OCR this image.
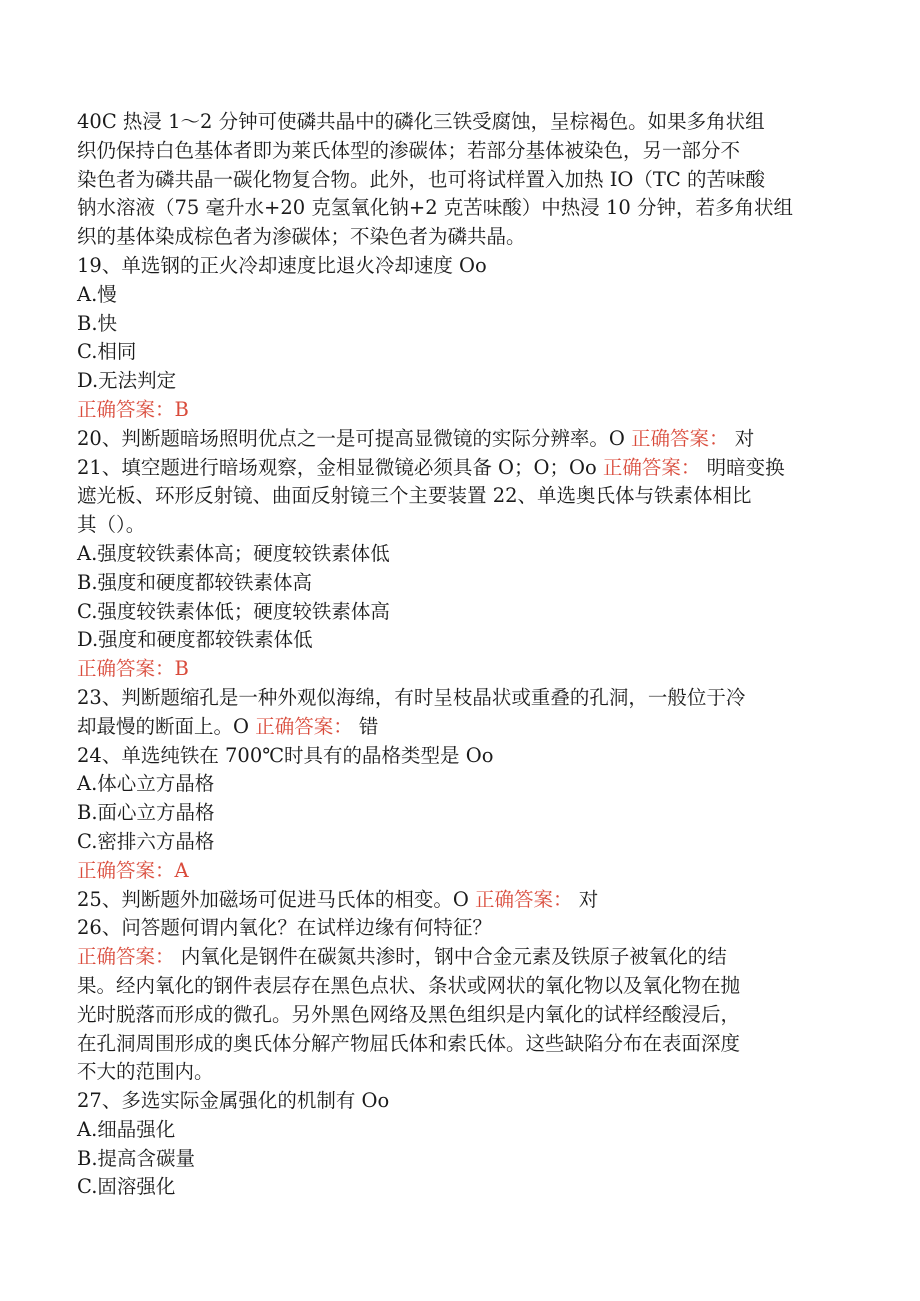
40C 热浸 1～2 分钟可使磷共晶中的磷化三铁受腐蚀，呈棕褐色。如果多角状组
织仍保持白色基体者即为莱氏体型的渗碳体；若部分基体被染色，另一部分不
染色者为磷共晶一碳化物复合物。此外，也可将试样置入加热 IO（TC 的苦味酸
钠水溶液（75 毫升水+20 克氢氧化钠+2 克苦味酸）中热浸 10 分钟，若多角状组
织的基体染成棕色者为渗碳体；不染色者为磷共晶。
19、单选钢的正火冷却速度比退火冷却速度 Oo
A.慢
B.快
C.相同
D.无法判定
正确答案：B
20、判断题暗场照明优点之一是可提高显微镜的实际分辨率。O 正确答案： 对
21、填空题进行暗场观察，金相显微镜必须具备 O；O；Oo 正确答案： 明暗变换
遮光板、环形反射镜、曲面反射镜三个主要装置 22、单选奥氏体与铁素体相比
其（）。
A.强度较铁素体高；硬度较铁素体低
B.强度和硬度都较铁素体高
C.强度较铁素体低；硬度较铁素体高
D.强度和硬度都较铁素体低
正确答案：B
23、判断题缩孔是一种外观似海绵，有时呈枝晶状或重叠的孔洞，一般位于冷
却最慢的断面上。O 正确答案： 错
24、单选纯铁在 700℃时具有的晶格类型是 Oo
A.体心立方晶格
B.面心立方晶格
C.密排六方晶格
正确答案：A
25、判断题外加磁场可促进马氏体的相变。O 正确答案： 对
26、问答题何谓内氧化？在试样边缘有何特征？
正确答案： 内氧化是钢件在碳氮共渗时，钢中合金元素及铁原子被氧化的结
果。经内氧化的钢件表层存在黑色点状、条状或网状的氧化物以及氧化物在抛
光时脱落而形成的微孔。另外黑色网络及黑色组织是内氧化的试样经酸浸后，
在孔洞周围形成的奥氏体分解产物屈氏体和索氏体。这些缺陷分布在表面深度
不大的范围内。
27、多选实际金属强化的机制有 Oo
A.细晶强化
B.提高含碳量
C.固溶强化
